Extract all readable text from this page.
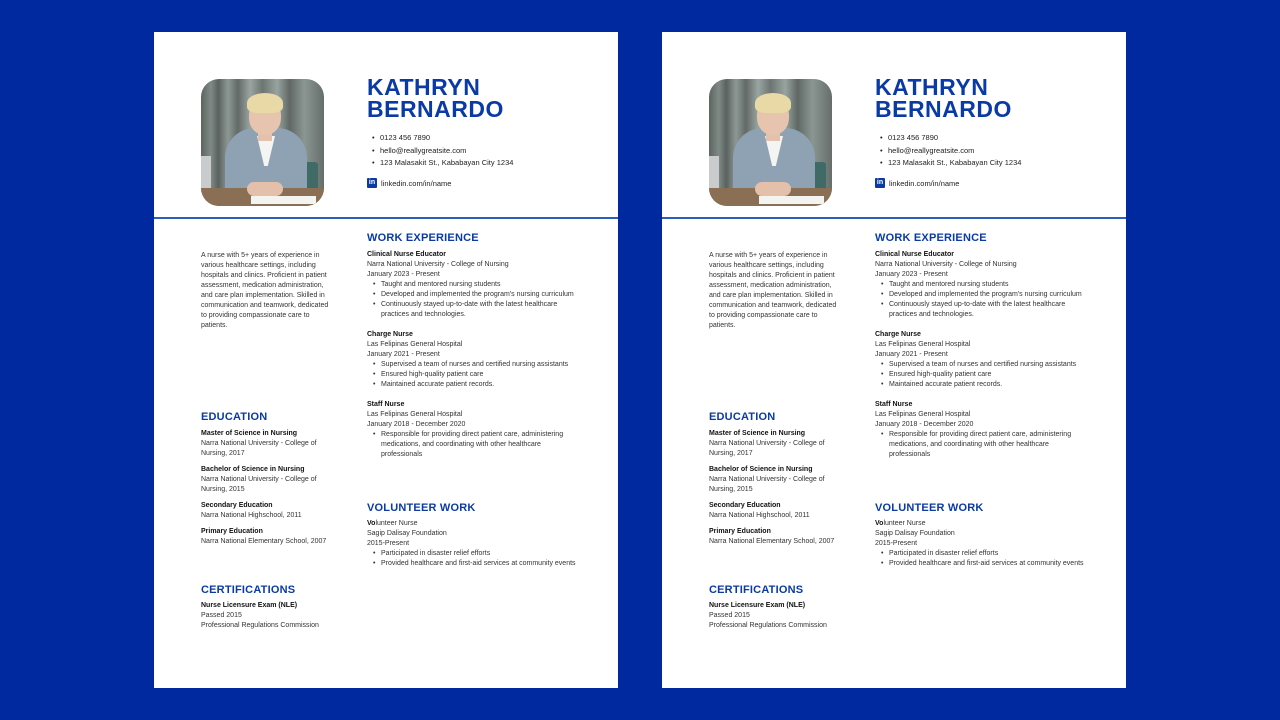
KATHRYN
BERNARDO
• 0123 456 7890
• hello@reallygreatsite.com
• 123 Malasakit St., Kababayan City 1234
in linkedin.com/in/name
A nurse with 5+ years of experience in various healthcare settings, including hospitals and clinics. Proficient in patient assessment, medication administration, and care plan implementation. Skilled in communication and teamwork, dedicated to providing compassionate care to patients.
EDUCATION
Master of Science in Nursing
Narra National University - College of Nursing, 2017
Bachelor of Science in Nursing
Narra National University - College of Nursing, 2015
Secondary Education
Narra National Highschool, 2011
Primary Education
Narra National Elementary School, 2007
CERTIFICATIONS
Nurse Licensure Exam (NLE)
Passed 2015
Professional Regulations Commission
WORK EXPERIENCE
Clinical Nurse Educator
Narra National University - College of Nursing
January 2023 - Present
• Taught and mentored nursing students
• Developed and implemented the program's nursing curriculum
• Continuously stayed up-to-date with the latest healthcare practices and technologies.
Charge Nurse
Las Felipinas General Hospital
January 2021 - Present
• Supervised a team of nurses and certified nursing assistants
• Ensured high-quality patient care
• Maintained accurate patient records.
Staff Nurse
Las Felipinas General Hospital
January 2018 - December 2020
• Responsible for providing direct patient care, administering medications, and coordinating with other healthcare professionals
VOLUNTEER WORK
Volunteer Nurse
Sagip Dalisay Foundation
2015-Present
• Participated in disaster relief efforts
• Provided healthcare and first-aid services at community events
KATHRYN
BERNARDO
• 0123 456 7890
• hello@reallygreatsite.com
• 123 Malasakit St., Kababayan City 1234
in linkedin.com/in/name
A nurse with 5+ years of experience in various healthcare settings, including hospitals and clinics. Proficient in patient assessment, medication administration, and care plan implementation. Skilled in communication and teamwork, dedicated to providing compassionate care to patients.
EDUCATION
Master of Science in Nursing
Narra National University - College of Nursing, 2017
Bachelor of Science in Nursing
Narra National University - College of Nursing, 2015
Secondary Education
Narra National Highschool, 2011
Primary Education
Narra National Elementary School, 2007
CERTIFICATIONS
Nurse Licensure Exam (NLE)
Passed 2015
Professional Regulations Commission
WORK EXPERIENCE
Clinical Nurse Educator
Narra National University - College of Nursing
January 2023 - Present
• Taught and mentored nursing students
• Developed and implemented the program's nursing curriculum
• Continuously stayed up-to-date with the latest healthcare practices and technologies.
Charge Nurse
Las Felipinas General Hospital
January 2021 - Present
• Supervised a team of nurses and certified nursing assistants
• Ensured high-quality patient care
• Maintained accurate patient records.
Staff Nurse
Las Felipinas General Hospital
January 2018 - December 2020
• Responsible for providing direct patient care, administering medications, and coordinating with other healthcare professionals
VOLUNTEER WORK
Volunteer Nurse
Sagip Dalisay Foundation
2015-Present
• Participated in disaster relief efforts
• Provided healthcare and first-aid services at community events
